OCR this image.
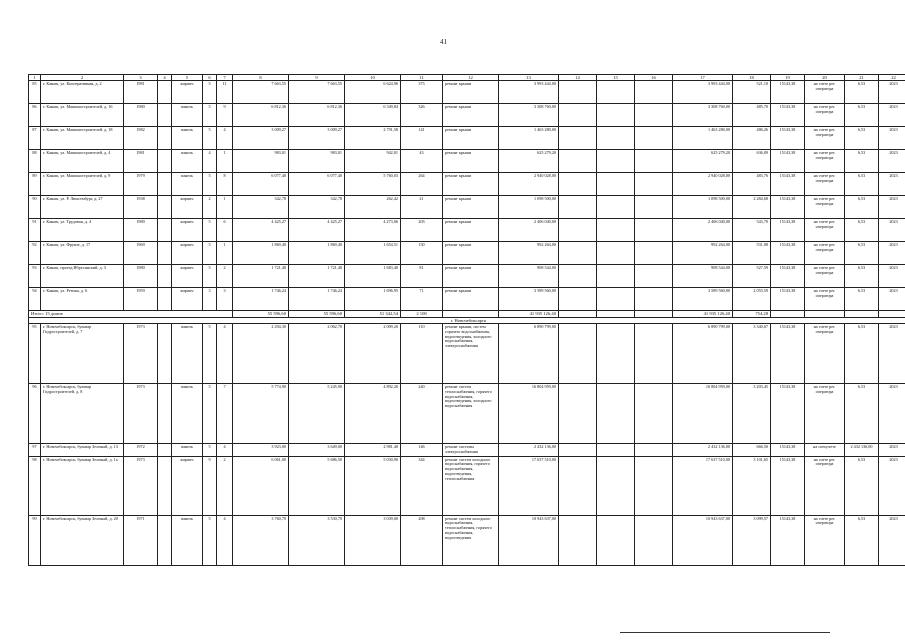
41
1	2	3	4	5	6	7	8	9	10	11	12	13	14	15	16	17	18	19	20	21	22
85	г. Канаш, ул. Кооперативная, д. 2	1981		кирпич	5	11	7 663,55	7 663,55	6 624,96	373	ремонт крыши	3 993 444,00				3 993 444,00	521,10	15143,38	на счете рег. оператора	6,53	2023
86	г. Канаш, ул. Машиностроителей, д. 16	1980		панель	5	9	6 812,36	6 812,36	6 349,84	326	ремонт крыши	3 308 760,00				3 308 760,00	485,70	15143,38	на счете рег. оператора	6,53	2023
87	г. Канаш, ул. Машиностроителей, д. 18	1982		панель	5	4	3 009,27	3 009,27	2 791,58	141	ремонт крыши	1 463 280,00				1 463 280,00	486,26	15143,38	на счете рег. оператора	6,53	2023
88	г. Канаш, ул. Машиностроителей, д. 4	1981		панель	4	1	983,01	983,01	942,01	43	ремонт крыши	625 279,20				625 279,20	636,09	15143,38	на счете рег. оператора	6,53	2023
89	г. Канаш, ул. Машиностроителей, д. 9	1979		панель	5	8	6 077,40	6 077,40	5 760,03	264	ремонт крыши	2 940 028,00				2 940 028,00	483,76	15143,38	на счете рег. оператора	6,53	2023
90	г. Канаш, ул. Р. Люксембург, д. 27	1938		кирпич	2	1	342,78	342,78	262,42	21	ремонт крыши	1 098 500,00				1 098 500,00	2 284,68	15143,38	на счете рег. оператора	6,53	2023
91	г. Канаш, ул. Трудовая, д. 4	1980		кирпич	5	6	4 425,27	4 425,27	4 273,06	203	ремонт крыши	2 406 040,00				2 406 040,00	543,70	15143,38	на счете рег. оператора	6,53	2023
92	г. Канаш, ул. Фрунзе, д. 17	1969		кирпич	5	1	1 869,40	1 869,40	1 654,51	130	ремонт крыши	992 264,00				992 264,00	531,08	15143,38	на счете рег. оператора	6,53	2023
93	г. Канаш, проезд Ибресинский, д. 3	1980		кирпич	5	2	1 721,40	1 721,40	1 683,40	81	ремонт крыши	908 544,00				908 544,00	527,59	15143,38	на счете рег. оператора	6,53	2023
94	г. Канаш, ул. Ретина, д. 6	1959		кирпич	3	3	1 746,24	1 746,24	1 696,95	71	ремонт крыши	3 589 560,00				3 589 560,00	2 055,59	15143,38	на счете рег. оператора	6,53	2023
Итого: 15 домов							55 596,60	55 596,60	51 342,54	2 108		41 935 126,40				41 935 126,40	754,28				
г. Новочебоксарск																					
95	г. Новочебоксарск, бульвар Гидростроителей, д. 7	1973		панель	5	4	2 294,30	2 062,70	2 009,20	110	ремонт крыши, систем горячего водоснабжения, водоотведения, холодного водоснабжения, электроснабжения	6 890 799,00				6 890 799,00	3 340,67	15143,38	на счете рег. оператора	6,53	2023
96	г. Новочебоксарск, бульвар Гидростроителей, д. 8	1973		панель	5	7	5 774,90	5 245,90	4 892,20	240	ремонт систем теплоснабжения, горячего водоснабжения, водоотведения, холодного водоснабжения	16 804 959,00				16 804 959,00	3 203,45	15143,38	на счете рег. оператора	6,53	2023
97	г. Новочебоксарск, бульвар Зеленый, д. 13	1972		панель	5	4	3 923,00	3 649,00	2 981,40	146	ремонт системы электроснабжения	2 432 136,00				2 432 136,00	666,50	15143,38	на спецсчете	2 432 136,00	2023
98	г. Новочебоксарск, бульвар Зеленый, д. 1а	1973		кирпич	9	2	6 061,00	5 686,50	5 030,90	344	ремонт систем холодного водоснабжения, горячего водоснабжения, водоотведения, теплоснабжения	17 637 510,00				17 637 510,00	3 101,65	15143,38	на счете рег. оператора	6,53	2023
99	г. Новочебоксарск, бульвар Зеленый, д. 20	1971		панель	5	4	3 760,70	3 530,70	3 039,00	208	ремонт систем холодного водоснабжения, теплоснабжения, горячего водоснабжения, водоотведения	10 943 637,00				10 943 637,00	3 099,57	15143,38	на счете рег. оператора	6,53	2023
